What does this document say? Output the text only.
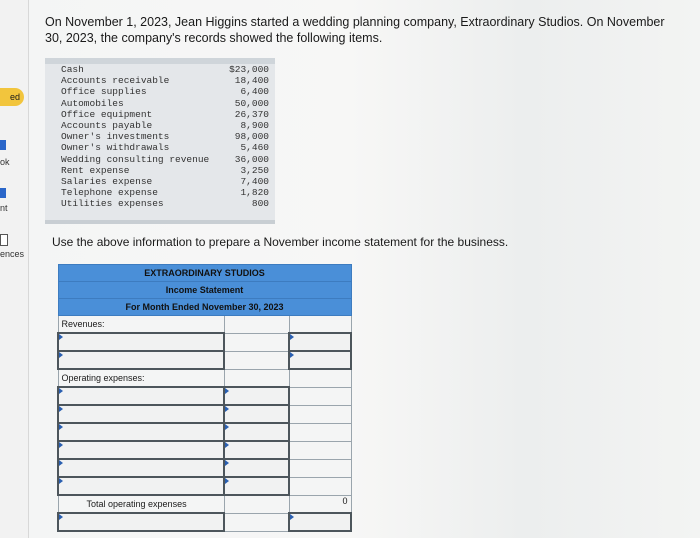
ed
ok
nt
ences
On November 1, 2023, Jean Higgins started a wedding planning company, Extraordinary Studios. On November 30, 2023, the company's records showed the following items.
Cash	$23,000
Accounts receivable	18,400
Office supplies	6,400
Automobiles	50,000
Office equipment	26,370
Accounts payable	8,900
Owner's investments	98,000
Owner's withdrawals	5,460
Wedding consulting revenue	36,000
Rent expense	3,250
Salaries expense	7,400
Telephone expense	1,820
Utilities expenses	800
Use the above information to prepare a November income statement for the business.
EXTRAORDINARY STUDIOS		
Income Statement		
For Month Ended November 30, 2023		
Revenues:		

Operating expenses:		

Total operating expenses		0
